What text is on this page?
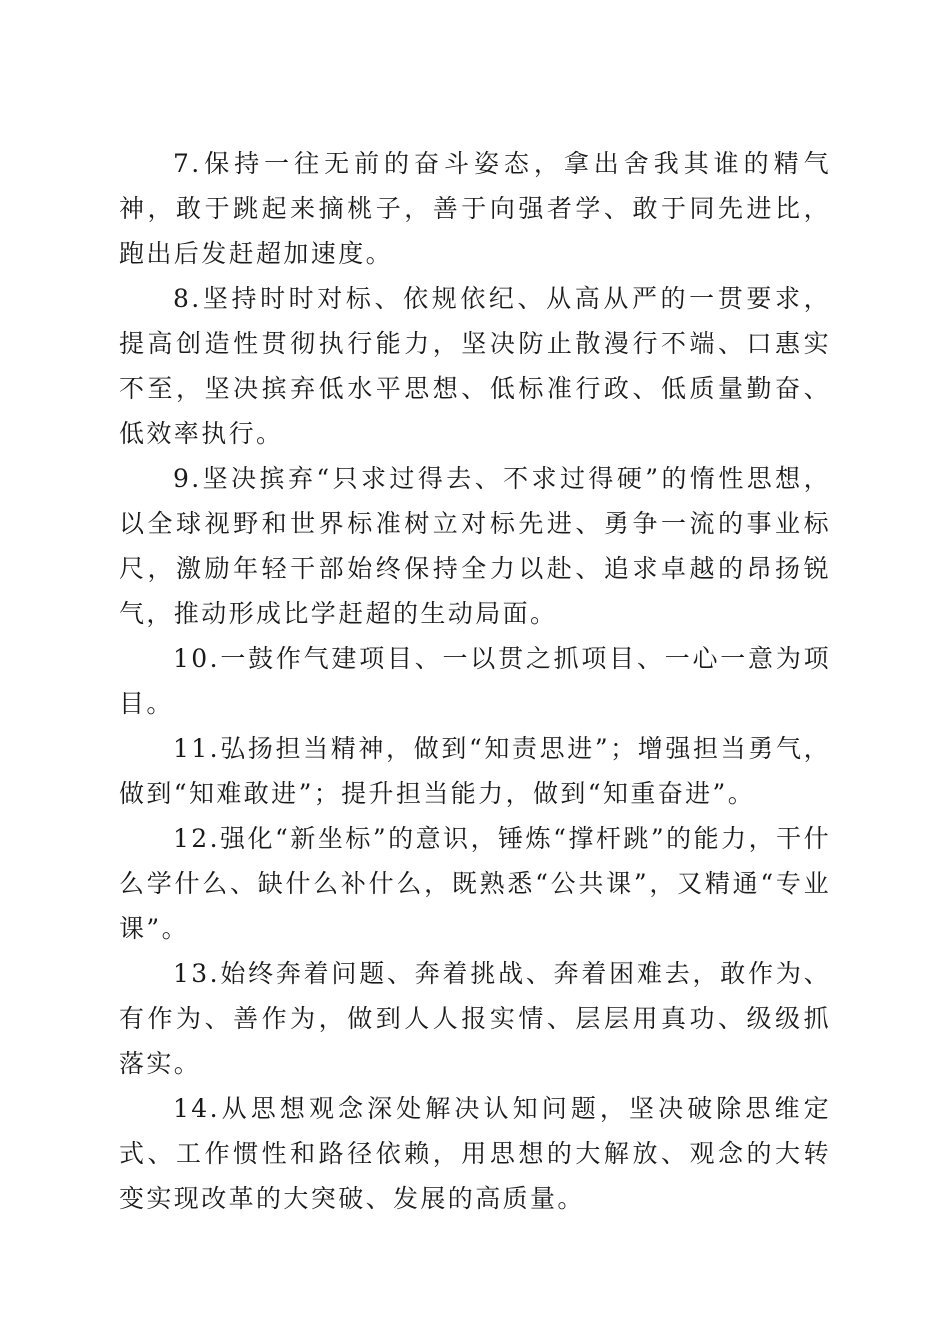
7.保持一往无前的奋斗姿态，拿出舍我其谁的精气神，敢于跳起来摘桃子，善于向强者学、敢于同先进比，跑出后发赶超加速度。

8.坚持时时对标、依规依纪、从高从严的一贯要求，提高创造性贯彻执行能力，坚决防止散漫行不端、口惠实不至，坚决摈弃低水平思想、低标准行政、低质量勤奋、低效率执行。

9.坚决摈弃“只求过得去、不求过得硬”的惰性思想，以全球视野和世界标准树立对标先进、勇争一流的事业标尺，激励年轻干部始终保持全力以赴、追求卓越的昂扬锐气，推动形成比学赶超的生动局面。

10.一鼓作气建项目、一以贯之抓项目、一心一意为项目。

11.弘扬担当精神，做到“知责思进”；增强担当勇气，做到“知难敢进”；提升担当能力，做到“知重奋进”。

12.强化“新坐标”的意识，锤炼“撑杆跳”的能力，干什么学什么、缺什么补什么，既熟悉“公共课”，又精通“专业课”。

13.始终奔着问题、奔着挑战、奔着困难去，敢作为、有作为、善作为，做到人人报实情、层层用真功、级级抓落实。

14.从思想观念深处解决认知问题，坚决破除思维定式、工作惯性和路径依赖，用思想的大解放、观念的大转变实现改革的大突破、发展的高质量。
